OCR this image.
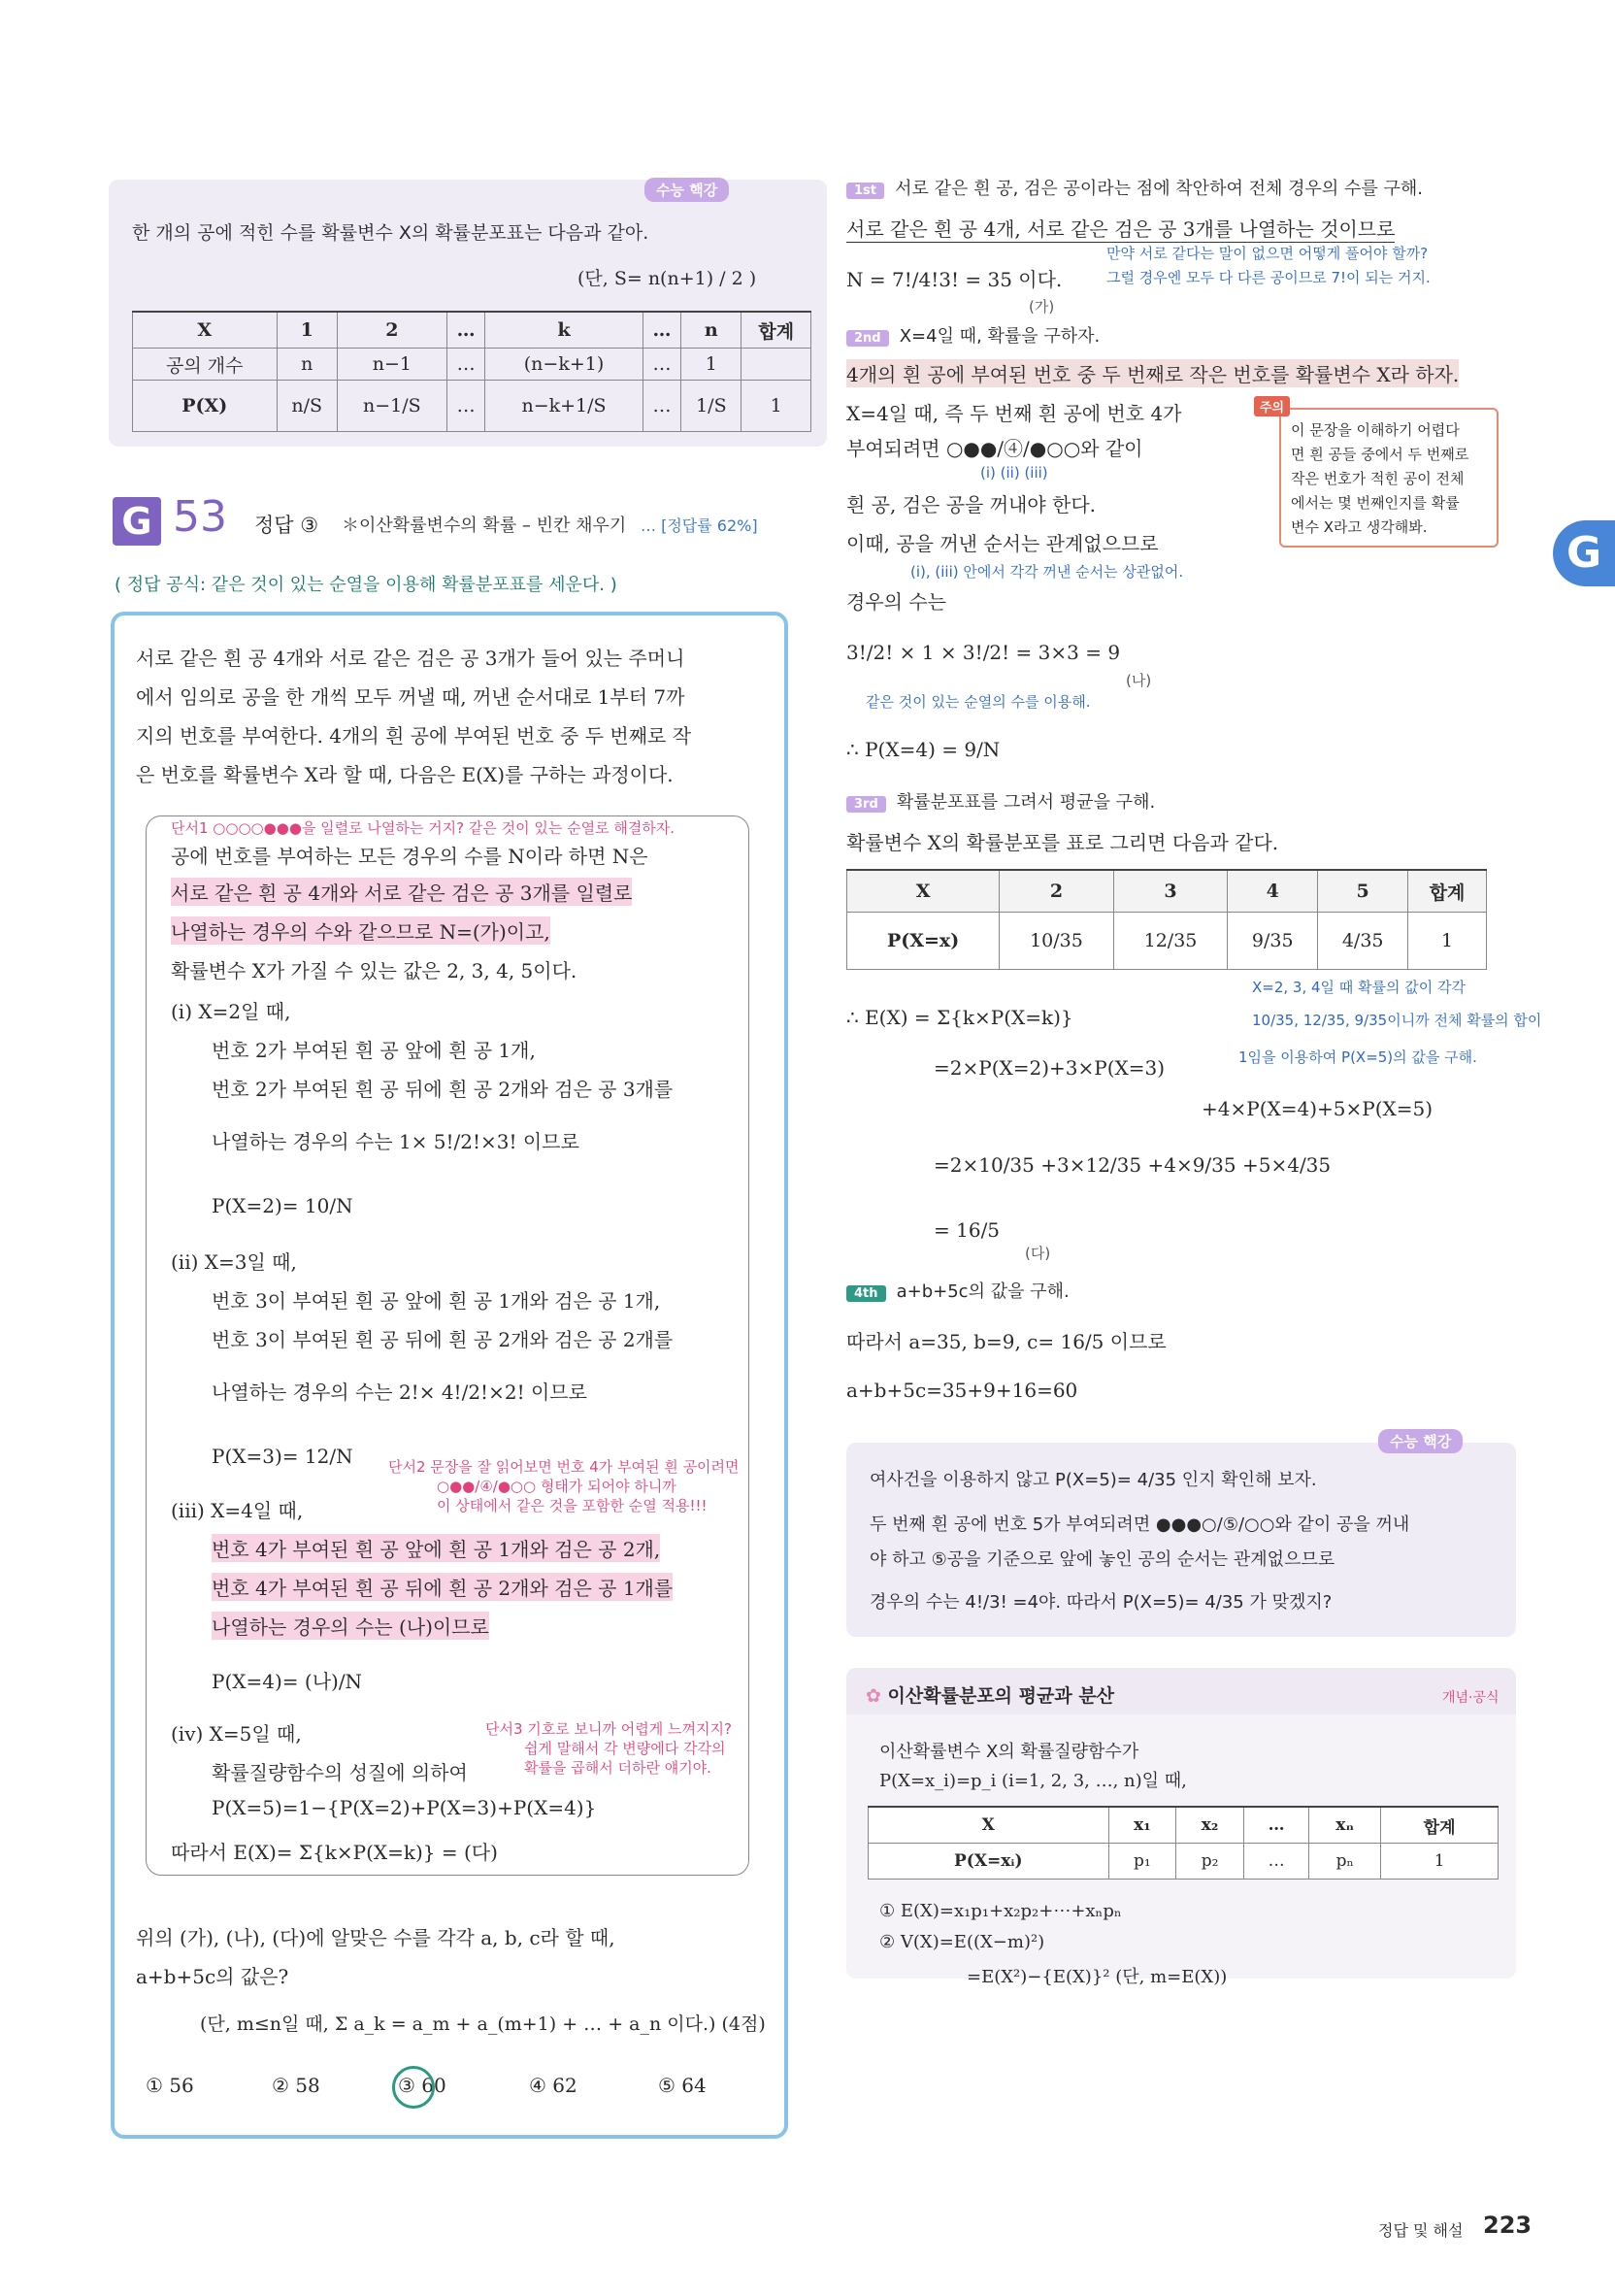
수능 핵강
한 개의 공에 적힌 수를 확률변수 X의 확률분포표는 다음과 같아.
(단, S= n(n+1) / 2 )
X	1	2	…	k	…	n	합계
공의 개수	n	n−1	…	(n−k+1)	…	1	
P(X)	n/S	n−1/S	…	n−k+1/S	…	1/S	1
G 53 정답 ③ ＊이산확률변수의 확률 – 빈칸 채우기 … [정답률 62%]
( 정답 공식: 같은 것이 있는 순열을 이용해 확률분포표를 세운다. )
서로 같은 흰 공 4개와 서로 같은 검은 공 3개가 들어 있는 주머니
에서 임의로 공을 한 개씩 모두 꺼낼 때, 꺼낸 순서대로 1부터 7까
지의 번호를 부여한다. 4개의 흰 공에 부여된 번호 중 두 번째로 작
은 번호를 확률변수 X라 할 때, 다음은 E(X)를 구하는 과정이다.
단서1 ○○○○●●●을 일렬로 나열하는 거지? 같은 것이 있는 순열로 해결하자.
공에 번호를 부여하는 모든 경우의 수를 N이라 하면 N은
서로 같은 흰 공 4개와 서로 같은 검은 공 3개를 일렬로
나열하는 경우의 수와 같으므로 N=(가)이고,
확률변수 X가 가질 수 있는 값은 2, 3, 4, 5이다.
(i) X=2일 때,
번호 2가 부여된 흰 공 앞에 흰 공 1개,
번호 2가 부여된 흰 공 뒤에 흰 공 2개와 검은 공 3개를
나열하는 경우의 수는 1× 5!/2!×3! 이므로
P(X=2)= 10/N
(ii) X=3일 때,
번호 3이 부여된 흰 공 앞에 흰 공 1개와 검은 공 1개,
번호 3이 부여된 흰 공 뒤에 흰 공 2개와 검은 공 2개를
나열하는 경우의 수는 2!× 4!/2!×2! 이므로
P(X=3)= 12/N 단서2 문장을 잘 읽어보면 번호 4가 부여된 흰 공이려면
○●●/④/●○○ 형태가 되어야 하니까
이 상태에서 같은 것을 포함한 순열 적용!!!
(iii) X=4일 때,
번호 4가 부여된 흰 공 앞에 흰 공 1개와 검은 공 2개,
번호 4가 부여된 흰 공 뒤에 흰 공 2개와 검은 공 1개를
나열하는 경우의 수는 (나)이므로
P(X=4)= (나)/N
(iv) X=5일 때,	단서3 기호로 보니까 어렵게 느껴지지?
쉽게 말해서 각 변량에다 각각의
확률을 곱해서 더하란 얘기야.
확률질량함수의 성질에 의하여
P(X=5)=1−{P(X=2)+P(X=3)+P(X=4)}
따라서 E(X)= Σ{k×P(X=k)} = (다)
위의 (가), (나), (다)에 알맞은 수를 각각 a, b, c라 할 때,
a+b+5c의 값은?
(단, m≤n일 때, Σ a_k = a_m + a_(m+1) + … + a_n 이다.) (4점)
① 56	② 58	③ 60	④ 62	⑤ 64
1st 서로 같은 흰 공, 검은 공이라는 점에 착안하여 전체 경우의 수를 구해.
서로 같은 흰 공 4개, 서로 같은 검은 공 3개를 나열하는 것이므로
만약 서로 같다는 말이 없으면 어떻게 풀어야 할까?
그럴 경우엔 모두 다 다른 공이므로 7!이 되는 거지.
N = 7!/4!3! = 35 이다.
(가)
2nd X=4일 때, 확률을 구하자.
4개의 흰 공에 부여된 번호 중 두 번째로 작은 번호를 확률변수 X라 하자.
X=4일 때, 즉 두 번째 흰 공에 번호 4가
부여되려면 ○●●/④/●○○와 같이
(i) (ii) (iii)
흰 공, 검은 공을 꺼내야 한다.
이때, 공을 꺼낸 순서는 관계없으므로
(i), (iii) 안에서 각각 꺼낸 순서는 상관없어.
경우의 수는
3!/2! × 1 × 3!/2! = 3×3 = 9
(나)
같은 것이 있는 순열의 수를 이용해.
∴ P(X=4) = 9/N
주의
이 문장을 이해하기 어렵다
면 흰 공들 중에서 두 번째로
작은 번호가 적힌 공이 전체
에서는 몇 번째인지를 확률
변수 X라고 생각해봐.
3rd 확률분포표를 그려서 평균을 구해.
확률변수 X의 확률분포를 표로 그리면 다음과 같다.
X	2	3	4	5	합계
P(X=x)	10/35	12/35	9/35	4/35	1
∴ E(X) = Σ{k×P(X=k)}
X=2, 3, 4일 때 확률의 값이 각각
10/35, 12/35, 9/35이니까 전체 확률의 합이
1임을 이용하여 P(X=5)의 값을 구해.
=2×P(X=2)+3×P(X=3)
+4×P(X=4)+5×P(X=5)
=2×10/35 +3×12/35 +4×9/35 +5×4/35
= 16/5
(다)
4th a+b+5c의 값을 구해.
따라서 a=35, b=9, c= 16/5 이므로
a+b+5c=35+9+16=60
수능 핵강
여사건을 이용하지 않고 P(X=5)= 4/35 인지 확인해 보자.
두 번째 흰 공에 번호 5가 부여되려면 ●●●○/⑤/○○와 같이 공을 꺼내
야 하고 ⑤공을 기준으로 앞에 놓인 공의 순서는 관계없으므로
경우의 수는 4!/3! =4야. 따라서 P(X=5)= 4/35 가 맞겠지?
✿ 이산확률분포의 평균과 분산	개념·공식
이산확률변수 X의 확률질량함수가
P(X=x_i)=p_i (i=1, 2, 3, …, n)일 때,
X	x₁	x₂	…	xₙ	합계
P(X=xᵢ)	p₁	p₂	…	pₙ	1
① E(X)=x₁p₁+x₂p₂+⋯+xₙpₙ
② V(X)=E((X−m)²)
=E(X²)−{E(X)}² (단, m=E(X))
G
정답 및 해설 223
